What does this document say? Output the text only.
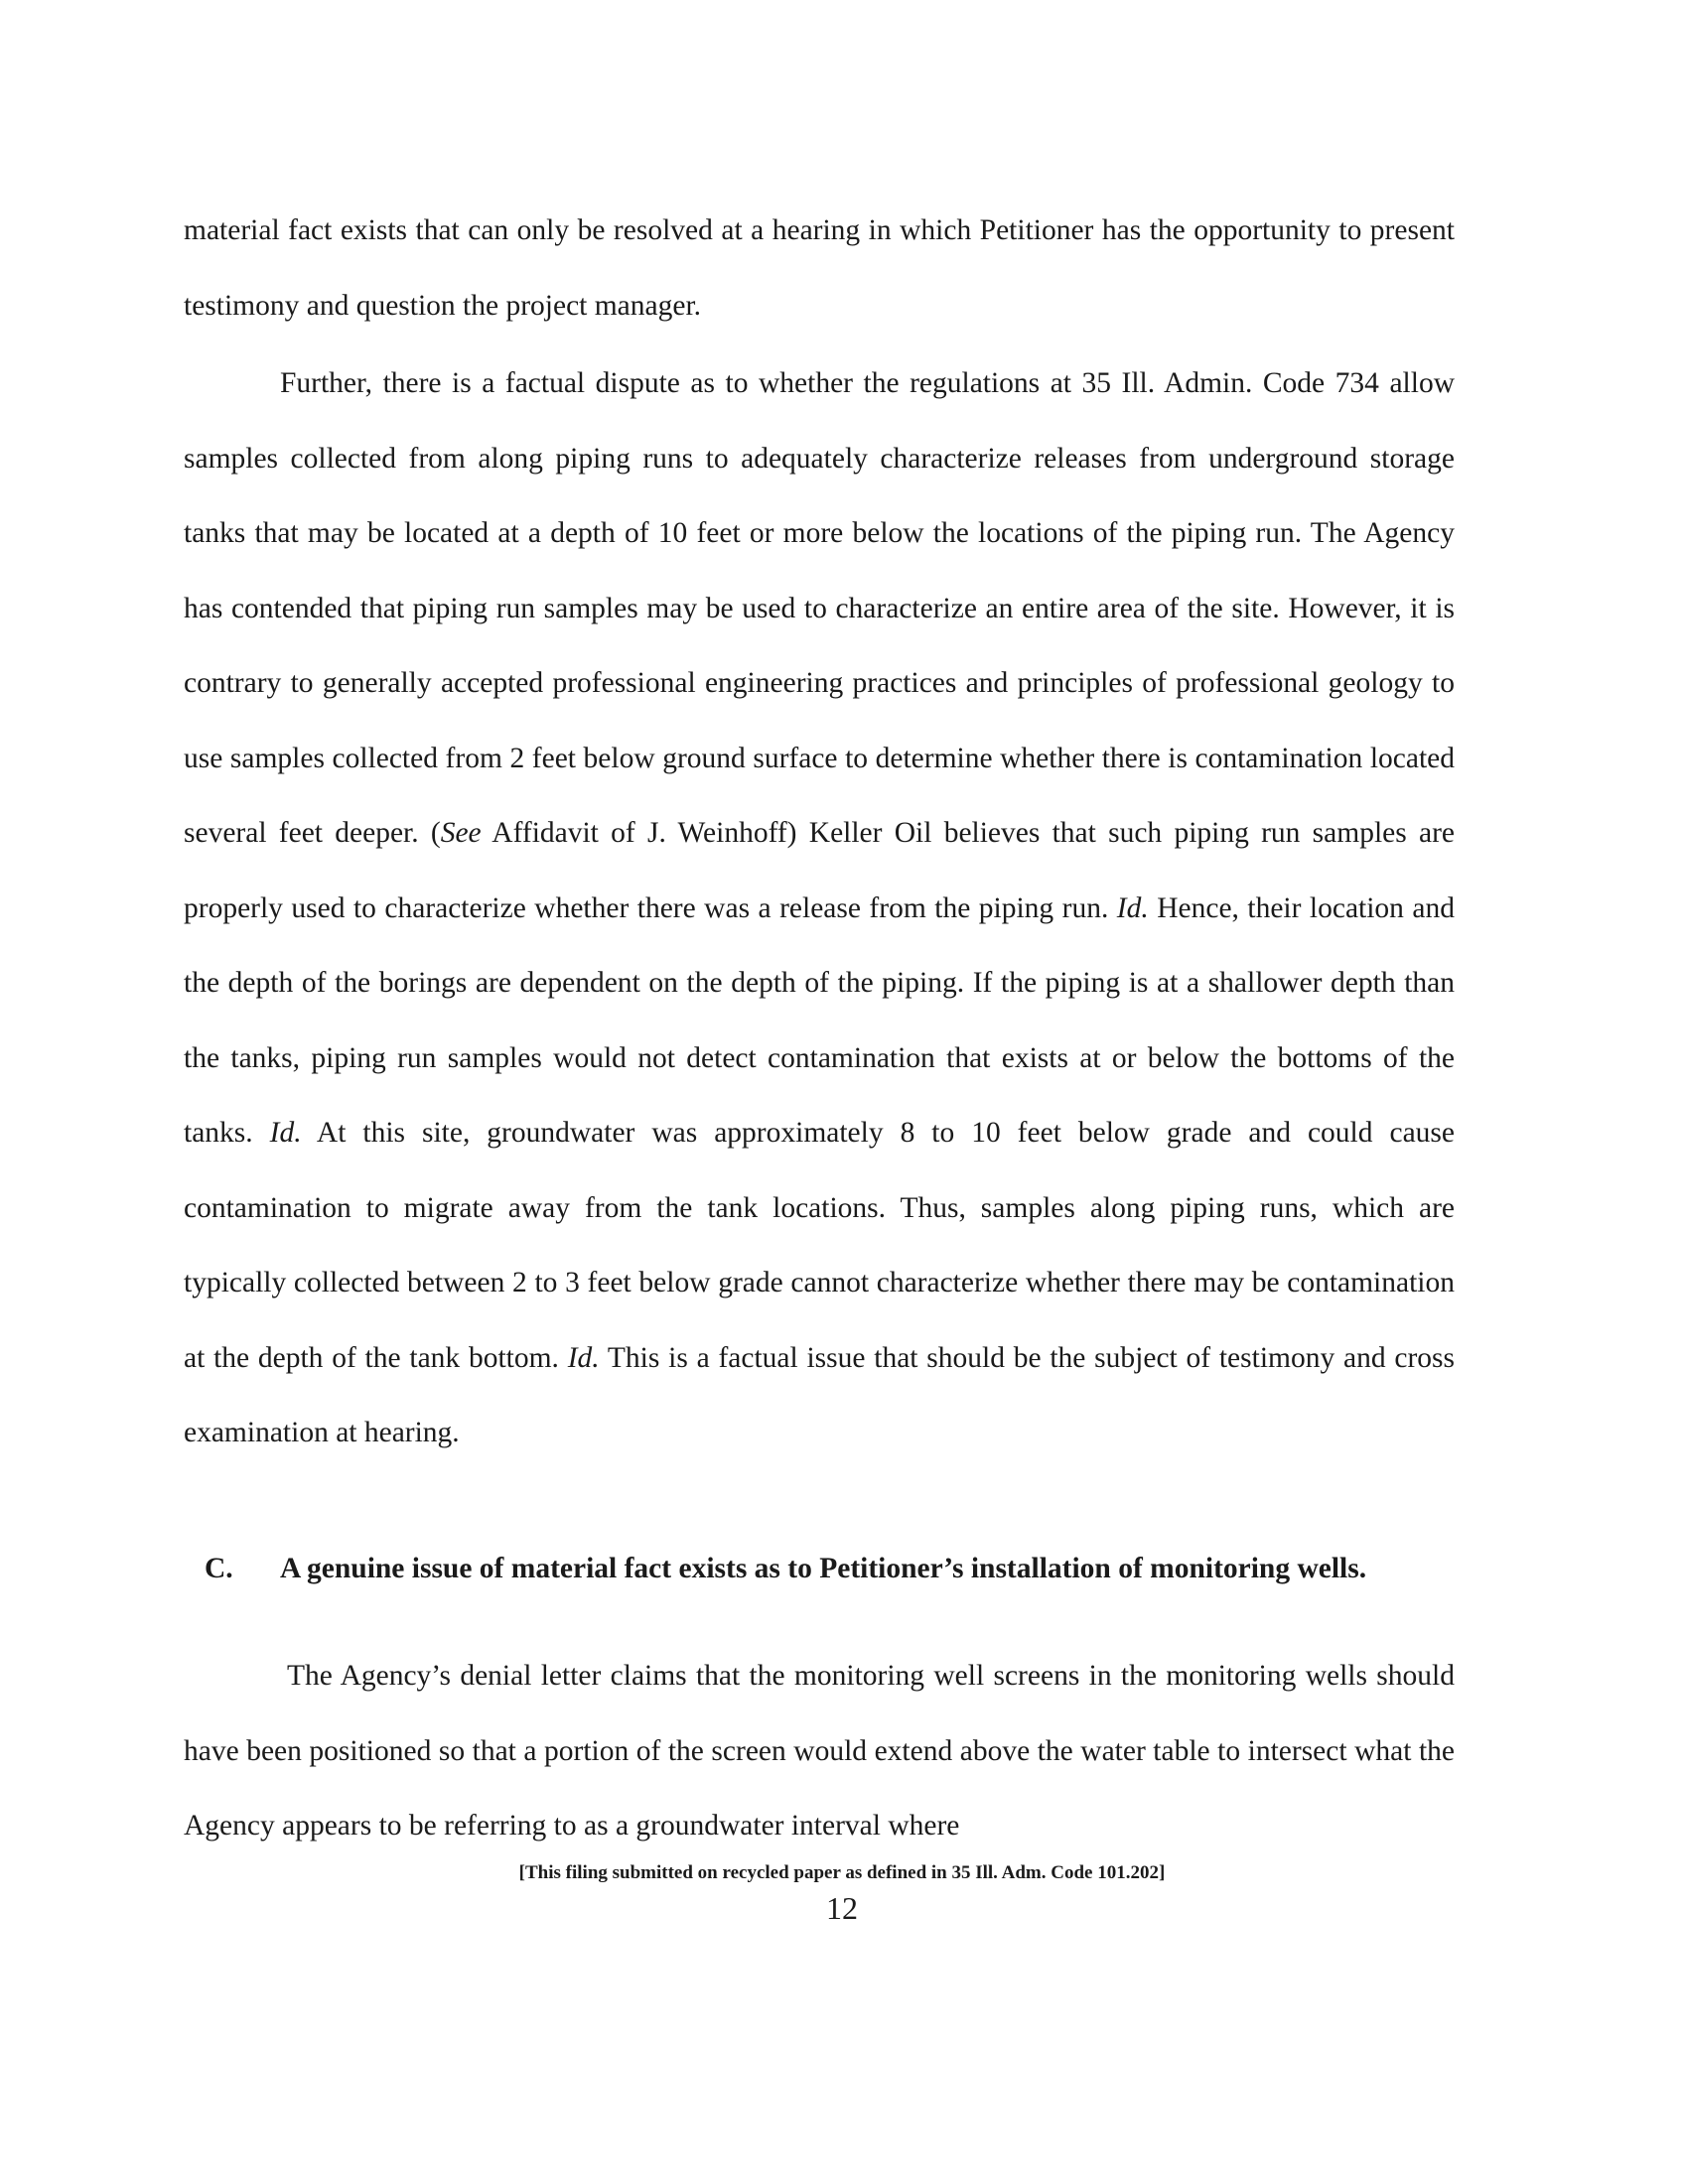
material fact exists that can only be resolved at a hearing in which Petitioner has the opportunity to present testimony and question the project manager.

Further, there is a factual dispute as to whether the regulations at 35 Ill. Admin. Code 734 allow samples collected from along piping runs to adequately characterize releases from underground storage tanks that may be located at a depth of 10 feet or more below the locations of the piping run. The Agency has contended that piping run samples may be used to characterize an entire area of the site. However, it is contrary to generally accepted professional engineering practices and principles of professional geology to use samples collected from 2 feet below ground surface to determine whether there is contamination located several feet deeper. (See Affidavit of J. Weinhoff) Keller Oil believes that such piping run samples are properly used to characterize whether there was a release from the piping run. Id. Hence, their location and the depth of the borings are dependent on the depth of the piping. If the piping is at a shallower depth than the tanks, piping run samples would not detect contamination that exists at or below the bottoms of the tanks. Id. At this site, groundwater was approximately 8 to 10 feet below grade and could cause contamination to migrate away from the tank locations. Thus, samples along piping runs, which are typically collected between 2 to 3 feet below grade cannot characterize whether there may be contamination at the depth of the tank bottom. Id. This is a factual issue that should be the subject of testimony and cross examination at hearing.

C. A genuine issue of material fact exists as to Petitioner’s installation of monitoring wells.

The Agency’s denial letter claims that the monitoring well screens in the monitoring wells should have been positioned so that a portion of the screen would extend above the water table to intersect what the Agency appears to be referring to as a groundwater interval where

[This filing submitted on recycled paper as defined in 35 Ill. Adm. Code 101.202]
12
